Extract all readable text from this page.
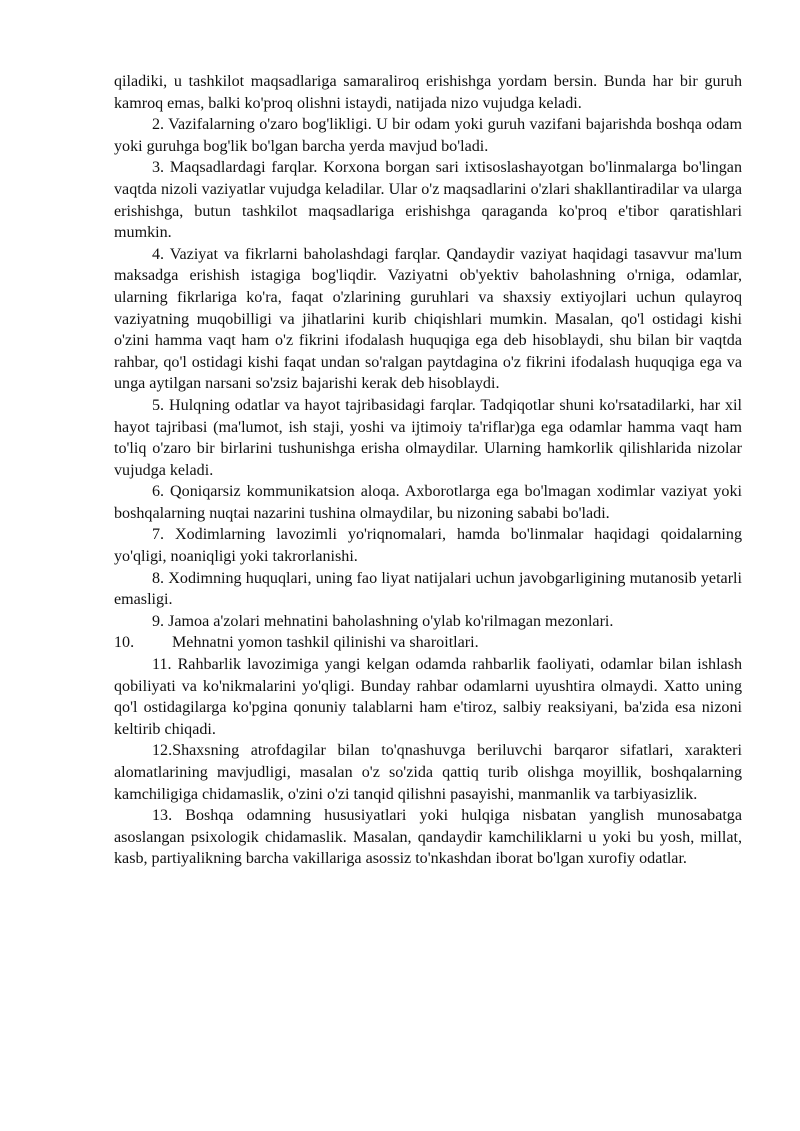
qiladiki, u tashkilot maqsadlariga samaraliroq erishishga yordam bersin. Bunda har bir guruh kamroq emas, balki ko'proq olishni istaydi, natijada nizo vujudga keladi.

2. Vazifalarning o'zaro bog'likligi. U bir odam yoki guruh vazifani bajarishda boshqa odam yoki guruhga bog'lik bo'lgan barcha yerda mavjud bo'ladi.

3. Maqsadlardagi farqlar. Korxona borgan sari ixtisoslashayotgan bo'linmalarga bo'lingan vaqtda nizoli vaziyatlar vujudga keladilar. Ular o'z maqsadlarini o'zlari shakllantiradilar va ularga erishishga, butun tashkilot maqsadlariga erishishga qaraganda ko'proq e'tibor qaratishlari mumkin.

4. Vaziyat va fikrlarni baholashdagi farqlar. Qandaydir vaziyat haqidagi tasavvur ma'lum maksadga erishish istagiga bog'liqdir. Vaziyatni ob'yektiv baholashning o'rniga, odamlar, ularning fikrlariga ko'ra, faqat o'zlarining guruhlari va shaxsiy extiyojlari uchun qulayroq vaziyatning muqobilligi va jihatlarini kurib chiqishlari mumkin. Masalan, qo'l ostidagi kishi o'zini hamma vaqt ham o'z fikrini ifodalash huquqiga ega deb hisoblaydi, shu bilan bir vaqtda rahbar, qo'l ostidagi kishi faqat undan so'ralgan paytdagina o'z fikrini ifodalash huquqiga ega va unga aytilgan narsani so'zsiz bajarishi kerak deb hisoblaydi.

5. Hulqning odatlar va hayot tajribasidagi farqlar. Tadqiqotlar shuni ko'rsatadilarki, har xil hayot tajribasi (ma'lumot, ish staji, yoshi va ijtimoiy ta'riflar)ga ega odamlar hamma vaqt ham to'liq o'zaro bir birlarini tushunishga erisha olmaydilar. Ularning hamkorlik qilishlarida nizolar vujudga keladi.

6. Qoniqarsiz kommunikatsion aloqa. Axborotlarga ega bo'lmagan xodimlar vaziyat yoki boshqalarning nuqtai nazarini tushina olmaydilar, bu nizoning sababi bo'ladi.

7. Xodimlarning lavozimli yo'riqnomalari, hamda bo'linmalar haqidagi qoidalarning yo'qligi, noaniqligi yoki takrorlanishi.

8. Xodimning huquqlari, uning fao liyat natijalari uchun javobgarligining mutanosib yetarli emasligi.

9. Jamoa a'zolari mehnatini baholashning o'ylab ko'rilmagan mezonlari.

10. Mehnatni yomon tashkil qilinishi va sharoitlari.

11. Rahbarlik lavozimiga yangi kelgan odamda rahbarlik faoliyati, odamlar bilan ishlash qobiliyati va ko'nikmalarini yo'qligi. Bunday rahbar odamlarni uyushtira olmaydi. Xatto uning qo'l ostidagilarga ko'pgina qonuniy talablarni ham e'tiroz, salbiy reaksiyani, ba'zida esa nizoni keltirib chiqadi.

12.Shaxsning atrofdagilar bilan to'qnashuvga beriluvchi barqaror sifatlari, xarakteri alomatlarining mavjudligi, masalan o'z so'zida qattiq turib olishga moyillik, boshqalarning kamchiligiga chidamaslik, o'zini o'zi tanqid qilishni pasayishi, manmanlik va tarbiyasizlik.

13. Boshqa odamning hususiyatlari yoki hulqiga nisbatan yanglish munosabatga asoslangan psixologik chidamaslik. Masalan, qandaydir kamchiliklarni u yoki bu yosh, millat, kasb, partiyalikning barcha vakillariga asossiz to'nkashdan iborat bo'lgan xurofiy odatlar.
